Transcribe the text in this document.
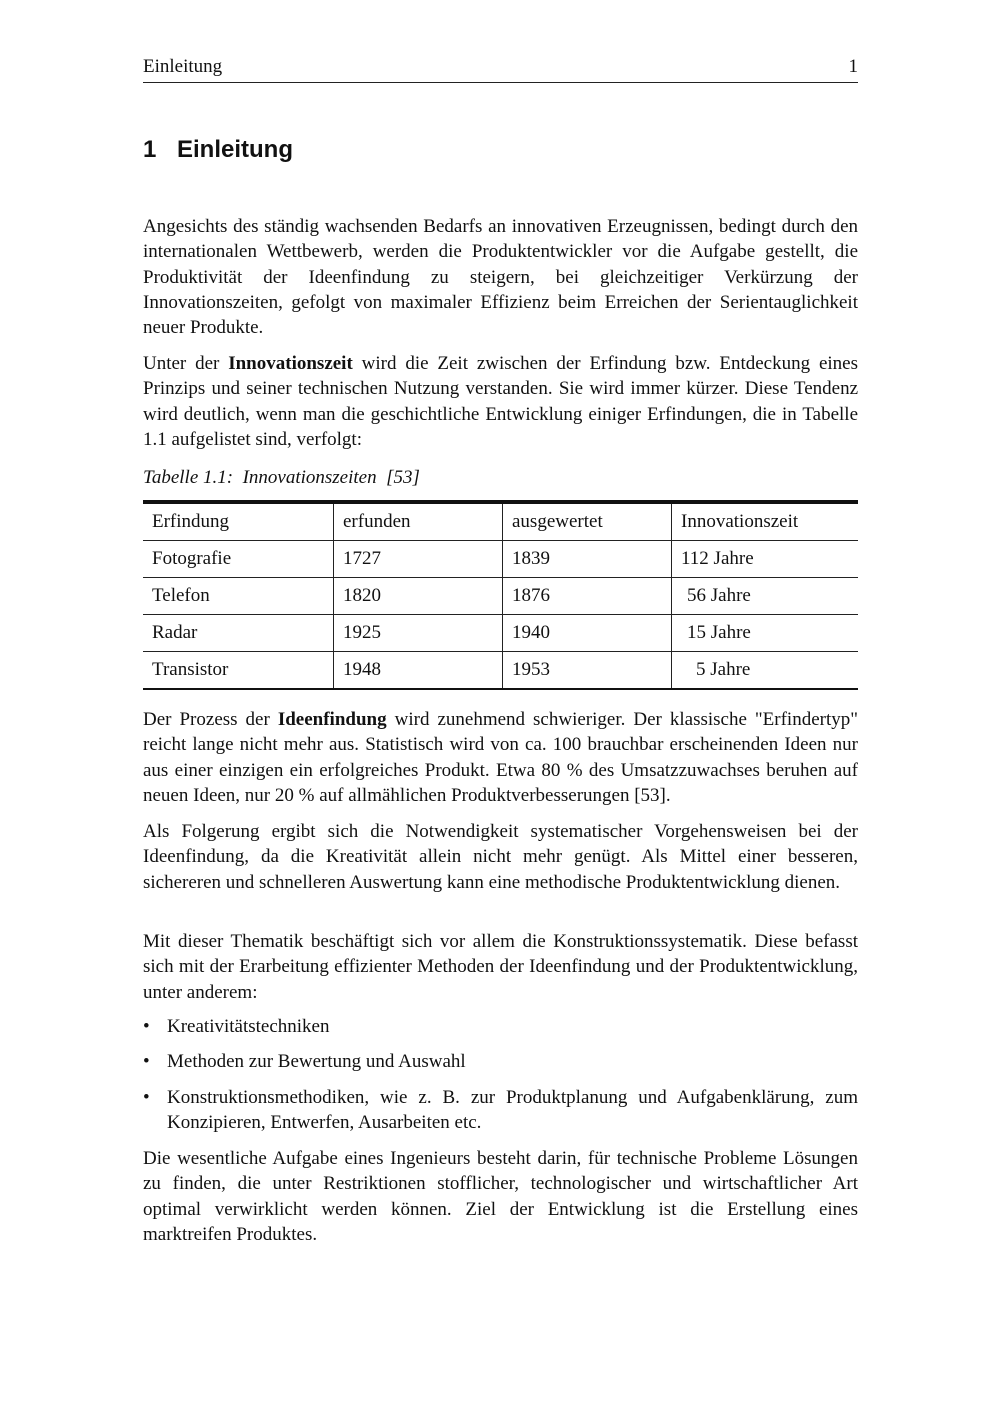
Einleitung	1
1 Einleitung

Angesichts des ständig wachsenden Bedarfs an innovativen Erzeugnissen, bedingt durch den internationalen Wettbewerb, werden die Produktentwickler vor die Aufgabe gestellt, die Produktivität der Ideenfindung zu steigern, bei gleichzeitiger Verkürzung der Innovationszeiten, gefolgt von maximaler Effizienz beim Erreichen der Serientauglichkeit neuer Produkte.

Unter der Innovationszeit wird die Zeit zwischen der Erfindung bzw. Entdeckung eines Prinzips und seiner technischen Nutzung verstanden. Sie wird immer kürzer. Diese Tendenz wird deutlich, wenn man die geschichtliche Entwicklung einiger Erfindungen, die in Tabelle 1.1 aufgelistet sind, verfolgt:

Tabelle 1.1:  Innovationszeiten  [53]
Erfindung	erfunden	ausgewertet	Innovationszeit
Fotografie	1727	1839	112 Jahre
Telefon	1820	1876	56 Jahre
Radar	1925	1940	15 Jahre
Transistor	1948	1953	5 Jahre

Der Prozess der Ideenfindung wird zunehmend schwieriger. Der klassische "Erfindertyp" reicht lange nicht mehr aus. Statistisch wird von ca. 100 brauchbar erscheinenden Ideen nur aus einer einzigen ein erfolgreiches Produkt. Etwa 80 % des Umsatzzuwachses beruhen auf neuen Ideen, nur 20 % auf allmählichen Produktverbesserungen [53].

Als Folgerung ergibt sich die Notwendigkeit systematischer Vorgehensweisen bei der Ideenfindung, da die Kreativität allein nicht mehr genügt. Als Mittel einer besseren, sichereren und schnelleren Auswertung kann eine methodische Produktentwicklung dienen.

Mit dieser Thematik beschäftigt sich vor allem die Konstruktionssystematik. Diese befasst sich mit der Erarbeitung effizienter Methoden der Ideenfindung und der Produktentwicklung, unter anderem:

• Kreativitätstechniken
• Methoden zur Bewertung und Auswahl
• Konstruktionsmethodiken, wie z. B. zur Produktplanung und Aufgabenklärung, zum Konzipieren, Entwerfen, Ausarbeiten etc.

Die wesentliche Aufgabe eines Ingenieurs besteht darin, für technische Probleme Lösungen zu finden, die unter Restriktionen stofflicher, technologischer und wirtschaftlicher Art optimal verwirklicht werden können. Ziel der Entwicklung ist die Erstellung eines marktreifen Produktes.
